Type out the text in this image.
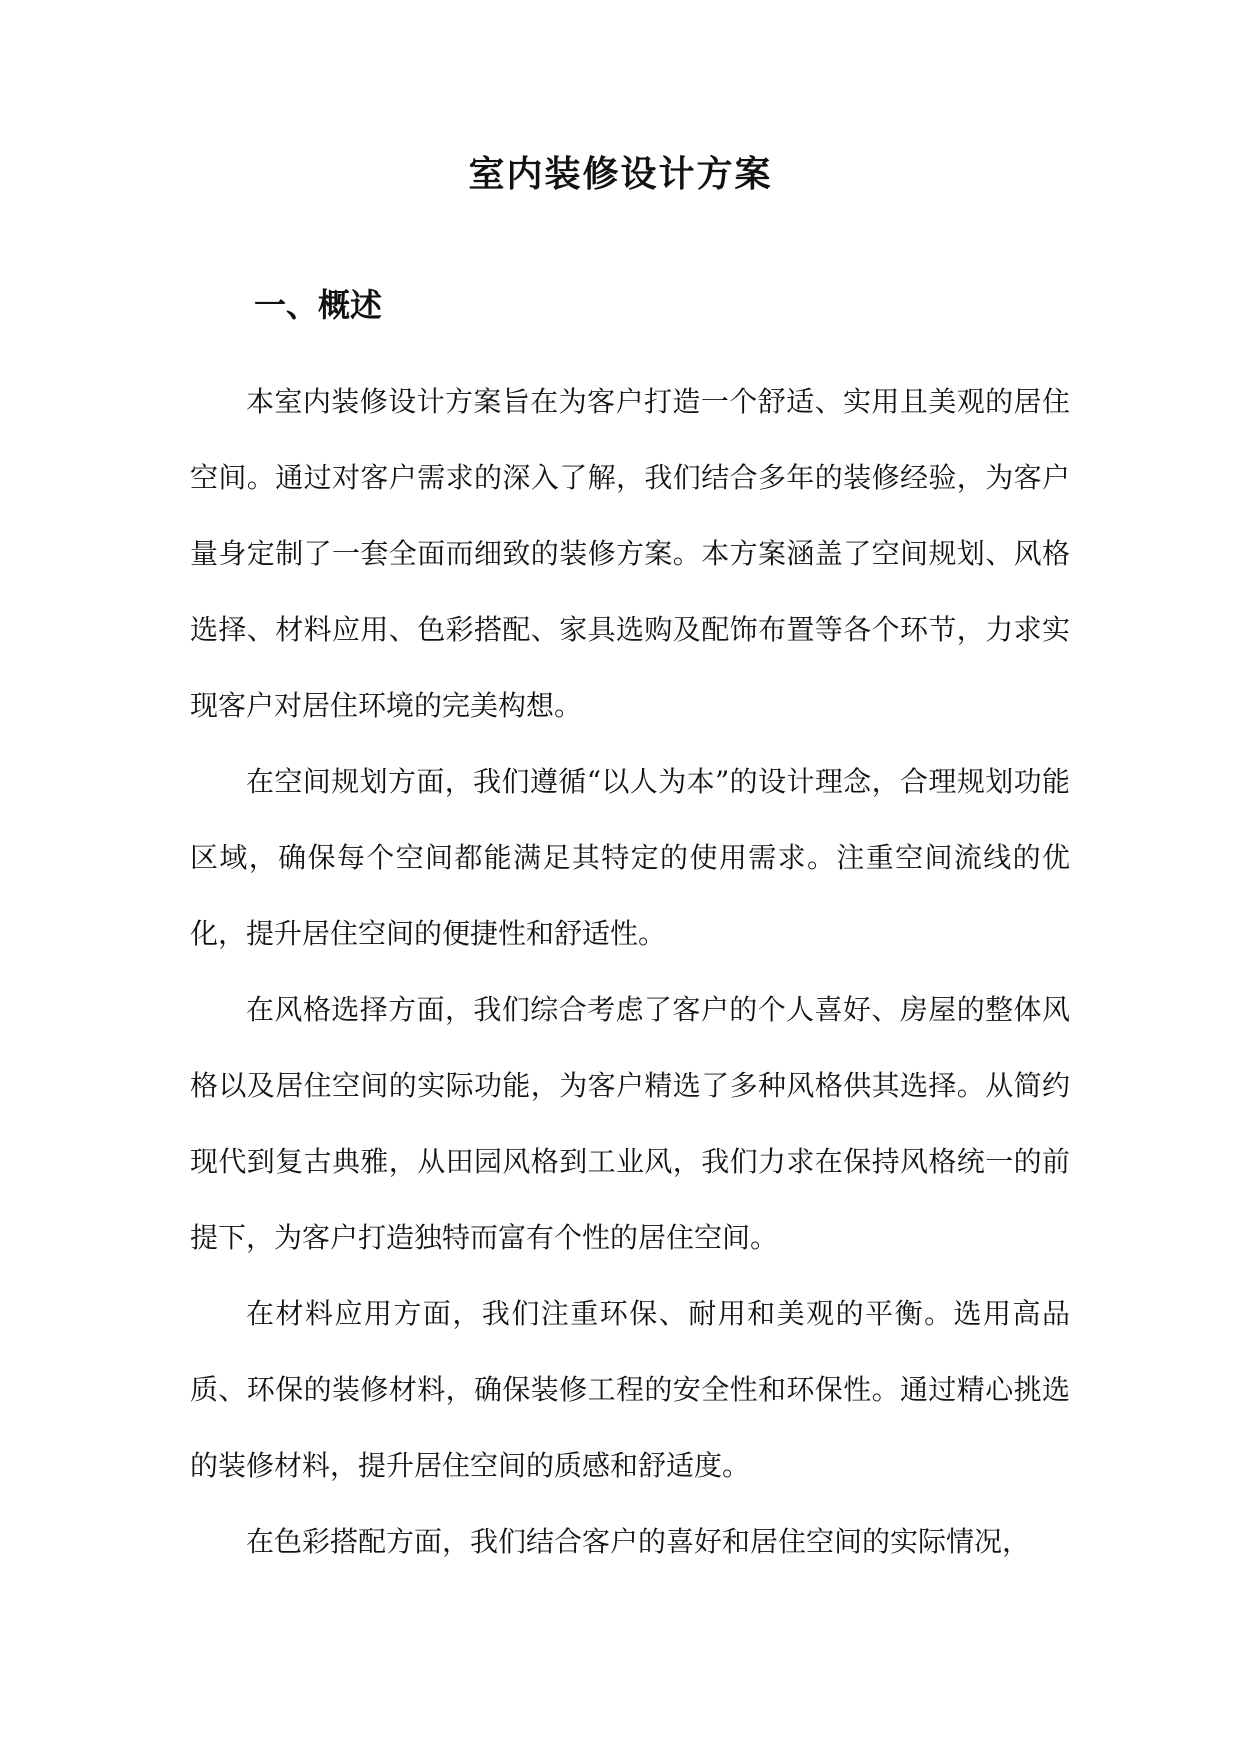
室内装修设计方案
一、概述

本室内装修设计方案旨在为客户打造一个舒适、实用且美观的居住空间。通过对客户需求的深入了解，我们结合多年的装修经验，为客户量身定制了一套全面而细致的装修方案。本方案涵盖了空间规划、风格选择、材料应用、色彩搭配、家具选购及配饰布置等各个环节，力求实现客户对居住环境的完美构想。

在空间规划方面，我们遵循“以人为本”的设计理念，合理规划功能区域，确保每个空间都能满足其特定的使用需求。注重空间流线的优化，提升居住空间的便捷性和舒适性。

在风格选择方面，我们综合考虑了客户的个人喜好、房屋的整体风格以及居住空间的实际功能，为客户精选了多种风格供其选择。从简约现代到复古典雅，从田园风格到工业风，我们力求在保持风格统一的前提下，为客户打造独特而富有个性的居住空间。

在材料应用方面，我们注重环保、耐用和美观的平衡。选用高品质、环保的装修材料，确保装修工程的安全性和环保性。通过精心挑选的装修材料，提升居住空间的质感和舒适度。

在色彩搭配方面，我们结合客户的喜好和居住空间的实际情况，
